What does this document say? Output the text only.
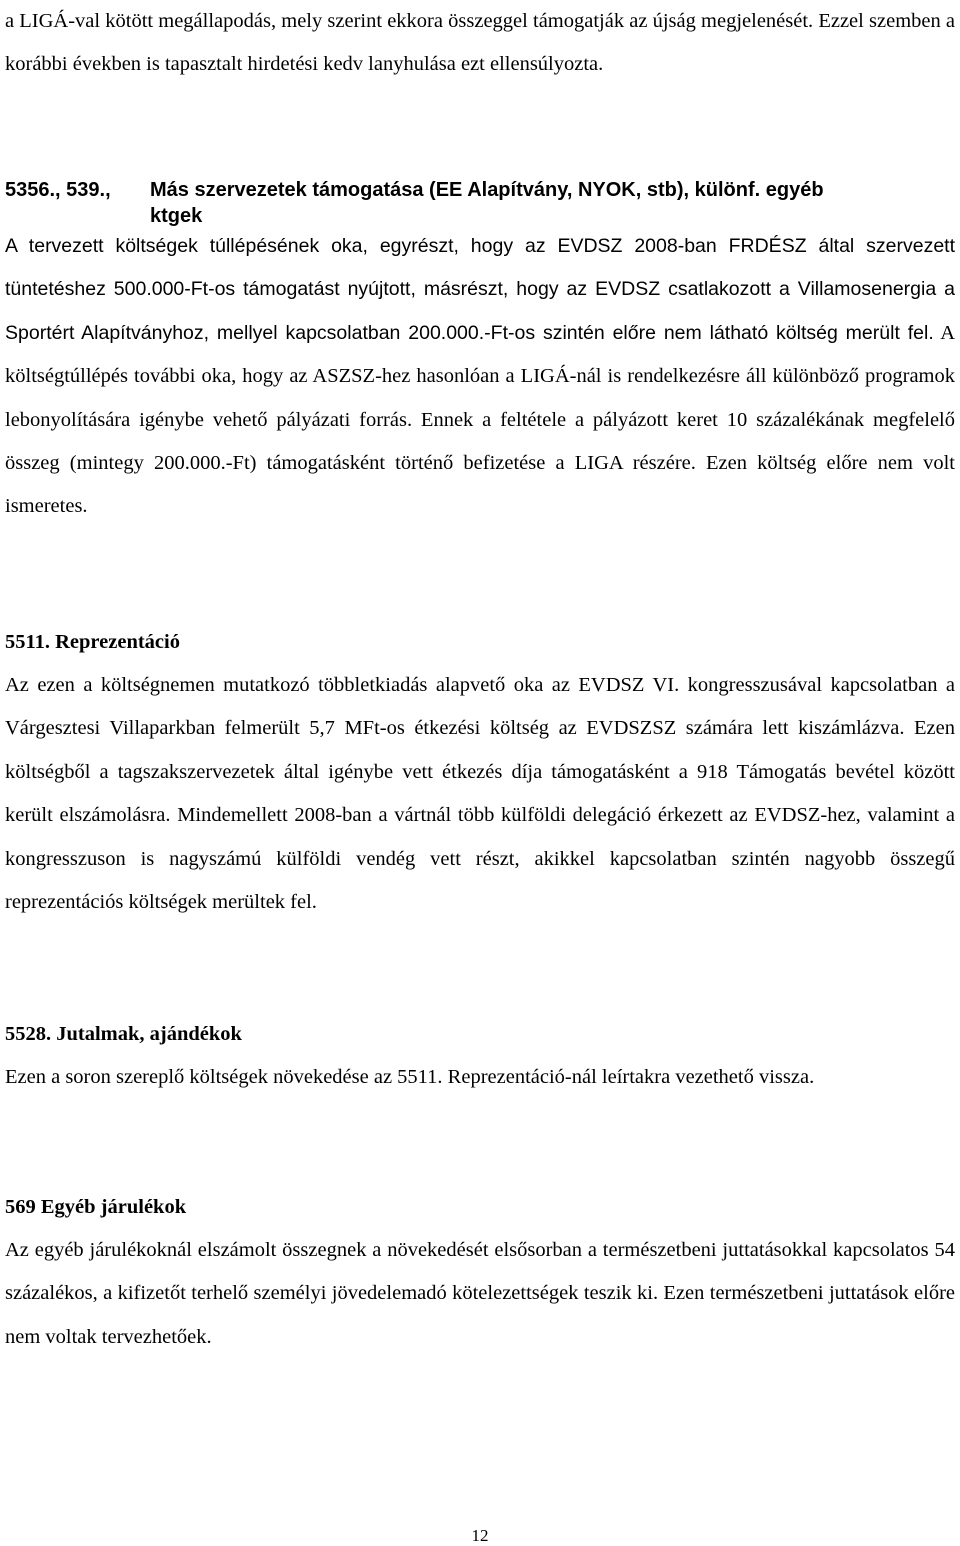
a LIGÁ-val kötött megállapodás, mely szerint ekkora összeggel támogatják az újság megjelenését. Ezzel szemben a korábbi években is tapasztalt hirdetési kedv lanyhulása ezt ellensúlyozta.
5356., 539.,	Más szervezetek támogatása (EE Alapítvány, NYOK, stb), különf. egyéb
ktgek
A tervezett költségek túllépésének oka, egyrészt, hogy az EVDSZ 2008-ban FRDÉSZ által szervezett tüntetéshez 500.000-Ft-os támogatást nyújtott, másrészt, hogy az EVDSZ csatlakozott a Villamosenergia a Sportért Alapítványhoz, mellyel kapcsolatban 200.000.-Ft-os szintén előre nem látható költség merült fel. A költségtúllépés további oka, hogy az ASZSZ-hez hasonlóan a LIGÁ-nál is rendelkezésre áll különböző programok lebonyolítására igénybe vehető pályázati forrás. Ennek a feltétele a pályázott keret 10 százalékának megfelelő összeg (mintegy 200.000.-Ft) támogatásként történő befizetése a LIGA részére. Ezen költség előre nem volt ismeretes.
5511. Reprezentáció
Az ezen a költségnemen mutatkozó többletkiadás alapvető oka az EVDSZ VI. kongresszusával kapcsolatban a Várgesztesi Villaparkban felmerült 5,7 MFt-os étkezési költség az EVDSZSZ számára lett kiszámlázva. Ezen költségből a tagszakszervezetek által igénybe vett étkezés díja támogatásként a 918 Támogatás bevétel között került elszámolásra. Mindemellett 2008-ban a vártnál több külföldi delegáció érkezett az EVDSZ-hez, valamint a kongresszuson is nagyszámú külföldi vendég vett részt, akikkel kapcsolatban szintén nagyobb összegű reprezentációs költségek merültek fel.
5528. Jutalmak, ajándékok
Ezen a soron szereplő költségek növekedése az 5511. Reprezentáció-nál leírtakra vezethető vissza.
569 Egyéb járulékok
Az egyéb járulékoknál elszámolt összegnek a növekedését elsősorban a természetbeni juttatásokkal kapcsolatos 54 százalékos, a kifizetőt terhelő személyi jövedelemadó kötelezettségek teszik ki. Ezen természetbeni juttatások előre nem voltak tervezhetőek.
12
